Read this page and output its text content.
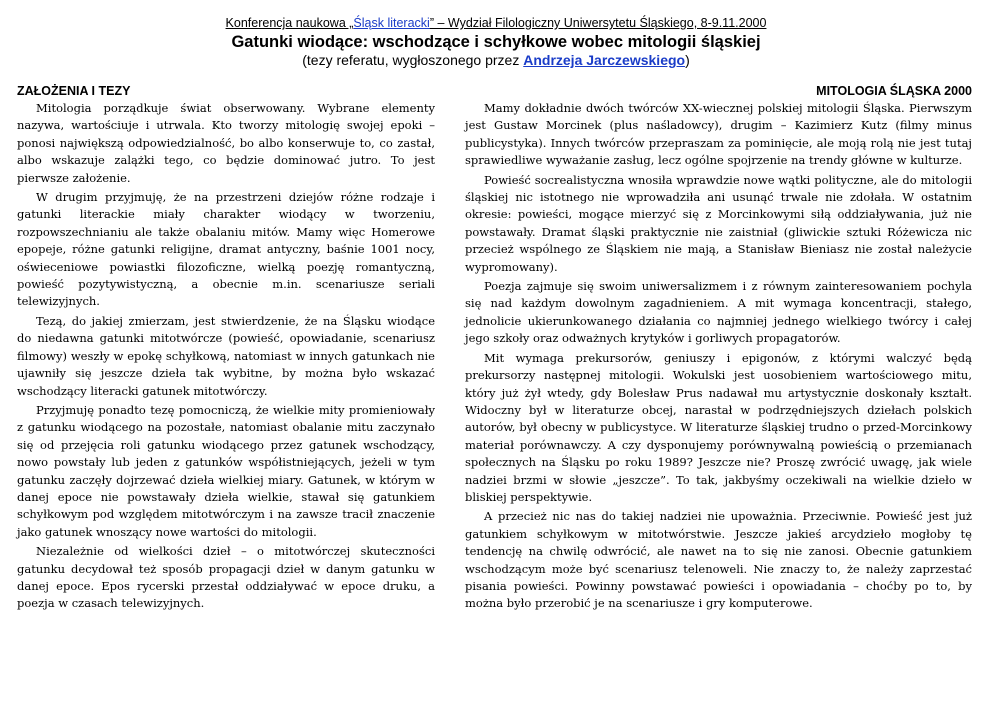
Konferencja naukowa „Śląsk literacki” – Wydział Filologiczny Uniwersytetu Śląskiego, 8-9.11.2000
Gatunki wiodące: wschodzące i schyłkowe wobec mitologii śląskiej
(tezy referatu, wygłoszonego przez Andrzeja Jarczewskiego)
ZAŁOŻENIA I TEZY

Mitologia porządkuje świat obserwowany. Wybrane elementy nazywa, wartościuje i utrwala. Kto tworzy mitologię swojej epoki – ponosi największą odpowiedzialność, bo albo konserwuje to, co zastał, albo wskazuje zalążki tego, co będzie dominować jutro. To jest pierwsze założenie.

W drugim przyjmuję, że na przestrzeni dziejów różne rodzaje i gatunki literackie miały charakter wiodący w tworzeniu, rozpowszechnianiu ale także obalaniu mitów. Mamy więc Homerowe epopeje, różne gatunki religijne, dramat antyczny, baśnie 1001 nocy, oświeceniowe powiastki filozoficzne, wielką poezję romantyczną, powieść pozytywistyczną, a obecnie m.in. scenariusze seriali telewizyjnych.

Tezą, do jakiej zmierzam, jest stwierdzenie, że na Śląsku wiodące do niedawna gatunki mitotwórcze (powieść, opowiadanie, scenariusz filmowy) weszły w epokę schyłkową, natomiast w innych gatunkach nie ujawniły się jeszcze dzieła tak wybitne, by można było wskazać wschodzący literacki gatunek mitotwórczy.

Przyjmuję ponadto tezę pomocniczą, że wielkie mity promieniowały z gatunku wiodącego na pozostałe, natomiast obalanie mitu zaczynało się od przejęcia roli gatunku wiodącego przez gatunek wschodzący, nowo powstały lub jeden z gatunków współistniejących, jeżeli w tym gatunku zaczęły dojrzewać dzieła wielkiej miary. Gatunek, w którym w danej epoce nie powstawały dzieła wielkie, stawał się gatunkiem schyłkowym pod względem mitotwórczym i na zawsze tracił znaczenie jako gatunek wnoszący nowe wartości do mitologii.

Niezależnie od wielkości dzieł – o mitotwórczej skuteczności gatunku decydował też sposób propagacji dzieł w danym gatunku w danej epoce. Epos rycerski przestał oddziaływać w epoce druku, a poezja w czasach telewizyjnych.

MITOLOGIA ŚLĄSKA 2000

Mamy dokładnie dwóch twórców XX-wiecznej polskiej mitologii Śląska. Pierwszym jest Gustaw Morcinek (plus naśladowcy), drugim – Kazimierz Kutz (filmy minus publicystyka). Innych twórców przepraszam za pominięcie, ale moją rolą nie jest tutaj sprawiedliwe wyważanie zasług, lecz ogólne spojrzenie na trendy główne w kulturze.

Powieść socrealistyczna wnosiła wprawdzie nowe wątki polityczne, ale do mitologii śląskiej nic istotnego nie wprowadziła ani usunąć trwale nie zdołała. W ostatnim okresie: powieści, mogące mierzyć się z Morcinkowymi siłą oddziaływania, już nie powstawały. Dramat śląski praktycznie nie zaistniał (gliwickie sztuki Różewicza nic przecież wspólnego ze Śląskiem nie mają, a Stanisław Bieniasz nie został należycie wypromowany).

Poezja zajmuje się swoim uniwersalizmem i z równym zainteresowaniem pochyla się nad każdym dowolnym zagadnieniem. A mit wymaga koncentracji, stałego, jednolicie ukierunkowanego działania co najmniej jednego wielkiego twórcy i całej jego szkoły oraz odważnych krytyków i gorliwych propagatorów.

Mit wymaga prekursorów, geniuszy i epigonów, z którymi walczyć będą prekursorzy następnej mitologii. Wokulski jest uosobieniem wartościowego mitu, który już żył wtedy, gdy Bolesław Prus nadawał mu artystycznie doskonały kształt. Widoczny był w literaturze obcej, narastał w podrzędniejszych dziełach polskich autorów, był obecny w publicystyce. W literaturze śląskiej trudno o przed-Morcinkowy materiał porównawczy. A czy dysponujemy porównywalną powieścią o przemianach społecznych na Śląsku po roku 1989? Jeszcze nie? Proszę zwrócić uwagę, jak wiele nadziei brzmi w słowie „jeszcze”. To tak, jakbyśmy oczekiwali na wielkie dzieło w bliskiej perspektywie.

A przecież nic nas do takiej nadziei nie upoważnia. Przeciwnie. Powieść jest już gatunkiem schyłkowym w mitotwórstwie. Jeszcze jakieś arcydzieło mogłoby tę tendencję na chwilę odwrócić, ale nawet na to się nie zanosi. Obecnie gatunkiem wschodzącym może być scenariusz telenoweli. Nie znaczy to, że należy zaprzestać pisania powieści. Powinny powstawać powieści i opowiadania – choćby po to, by można było przerobić je na scenariusze i gry komputerowe.
